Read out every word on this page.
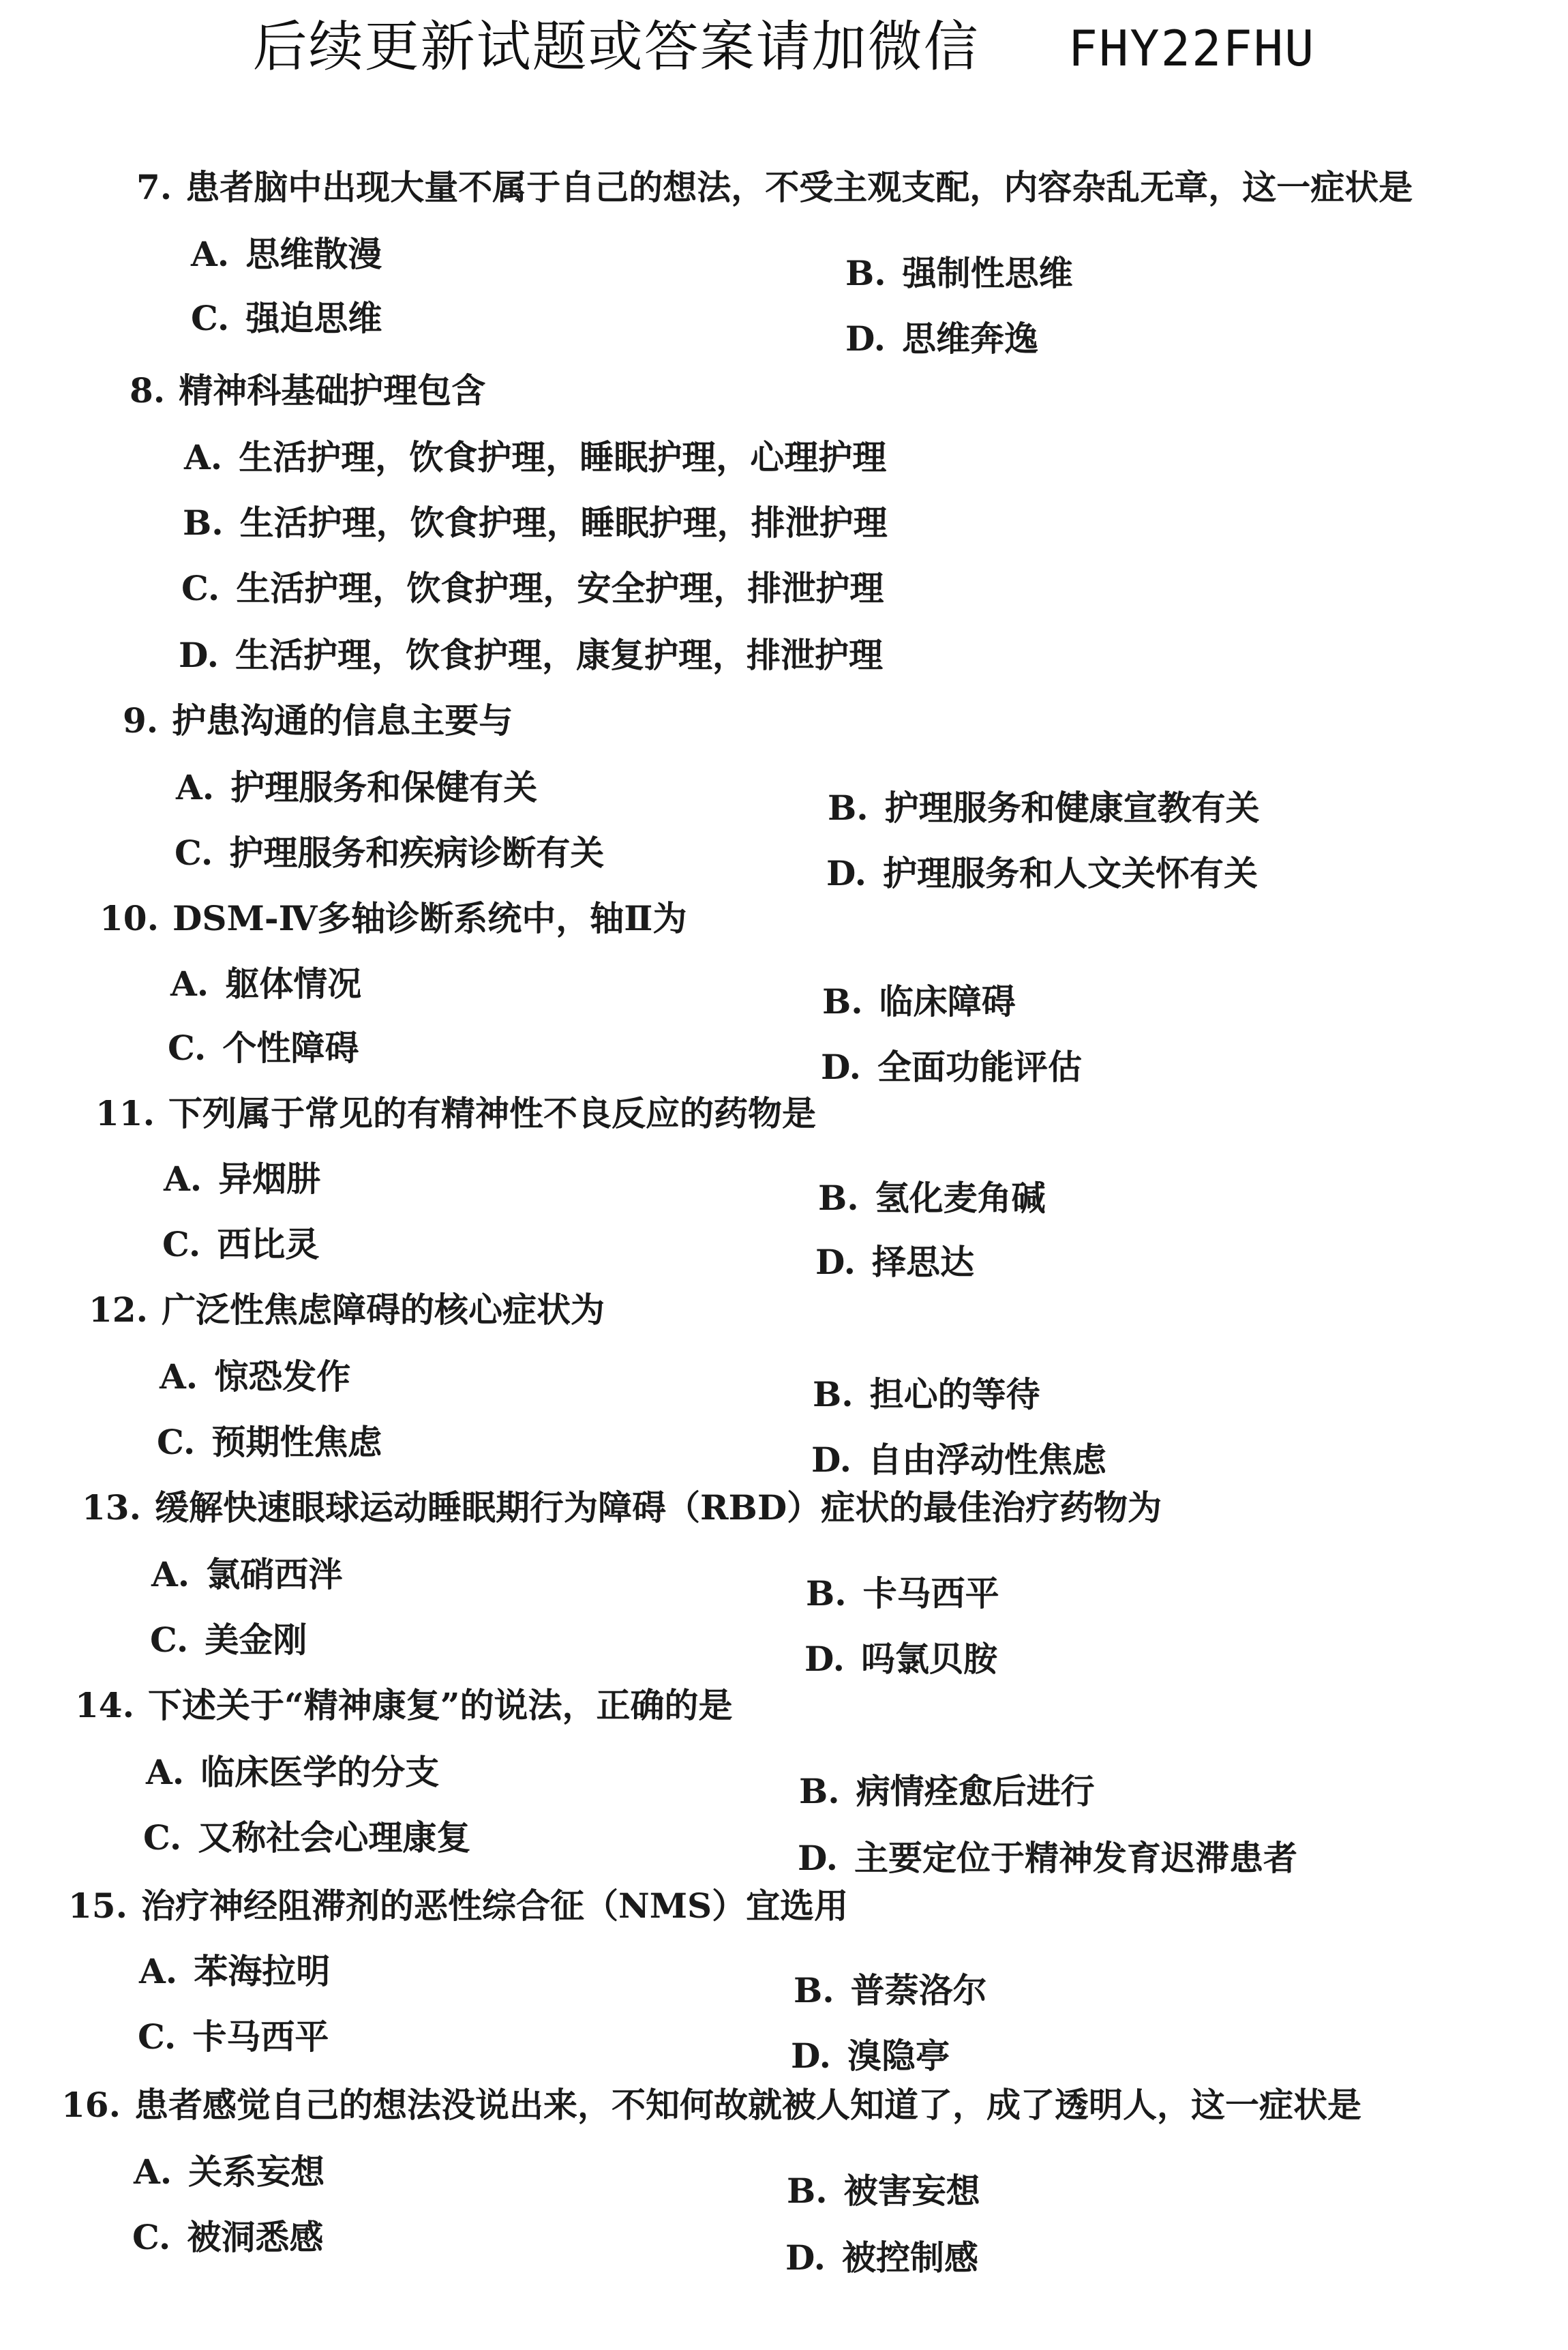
后续更新试题或答案请加微信 FHY22FHU
7. 患者脑中出现大量不属于自己的想法，不受主观支配，内容杂乱无章，这一症状是
A. 思维散漫	B. 强制性思维
C. 强迫思维
D. 思维奔逸
8. 精神科基础护理包含
A. 生活护理，饮食护理，睡眠护理，心理护理
B. 生活护理，饮食护理，睡眠护理，排泄护理
C. 生活护理，饮食护理，安全护理，排泄护理
D. 生活护理，饮食护理，康复护理，排泄护理
9. 护患沟通的信息主要与
A. 护理服务和保健有关
B. 护理服务和健康宣教有关
C. 护理服务和疾病诊断有关
D. 护理服务和人文关怀有关
10. DSM-Ⅳ多轴诊断系统中，轴Ⅱ为
A. 躯体情况	B. 临床障碍
C. 个性障碍	D. 全面功能评估
11. 下列属于常见的有精神性不良反应的药物是
A. 异烟肼	B. 氢化麦角碱
C. 西比灵	D. 择思达
12. 广泛性焦虑障碍的核心症状为
A. 惊恐发作	B. 担心的等待
C. 预期性焦虑	D. 自由浮动性焦虑
13. 缓解快速眼球运动睡眠期行为障碍（RBD）症状的最佳治疗药物为
A. 氯硝西泮	B. 卡马西平
C. 美金刚	D. 吗氯贝胺
14. 下述关于“精神康复”的说法，正确的是
A. 临床医学的分支	B. 病情痊愈后进行
C. 又称社会心理康复
D. 主要定位于精神发育迟滞患者
15. 治疗神经阻滞剂的恶性综合征（NMS）宜选用
A. 苯海拉明	B. 普萘洛尔
C. 卡马西平	D. 溴隐亭
16. 患者感觉自己的想法没说出来，不知何故就被人知道了，成了透明人，这一症状是
A. 关系妄想	B. 被害妄想
C. 被洞悉感
D. 被控制感
